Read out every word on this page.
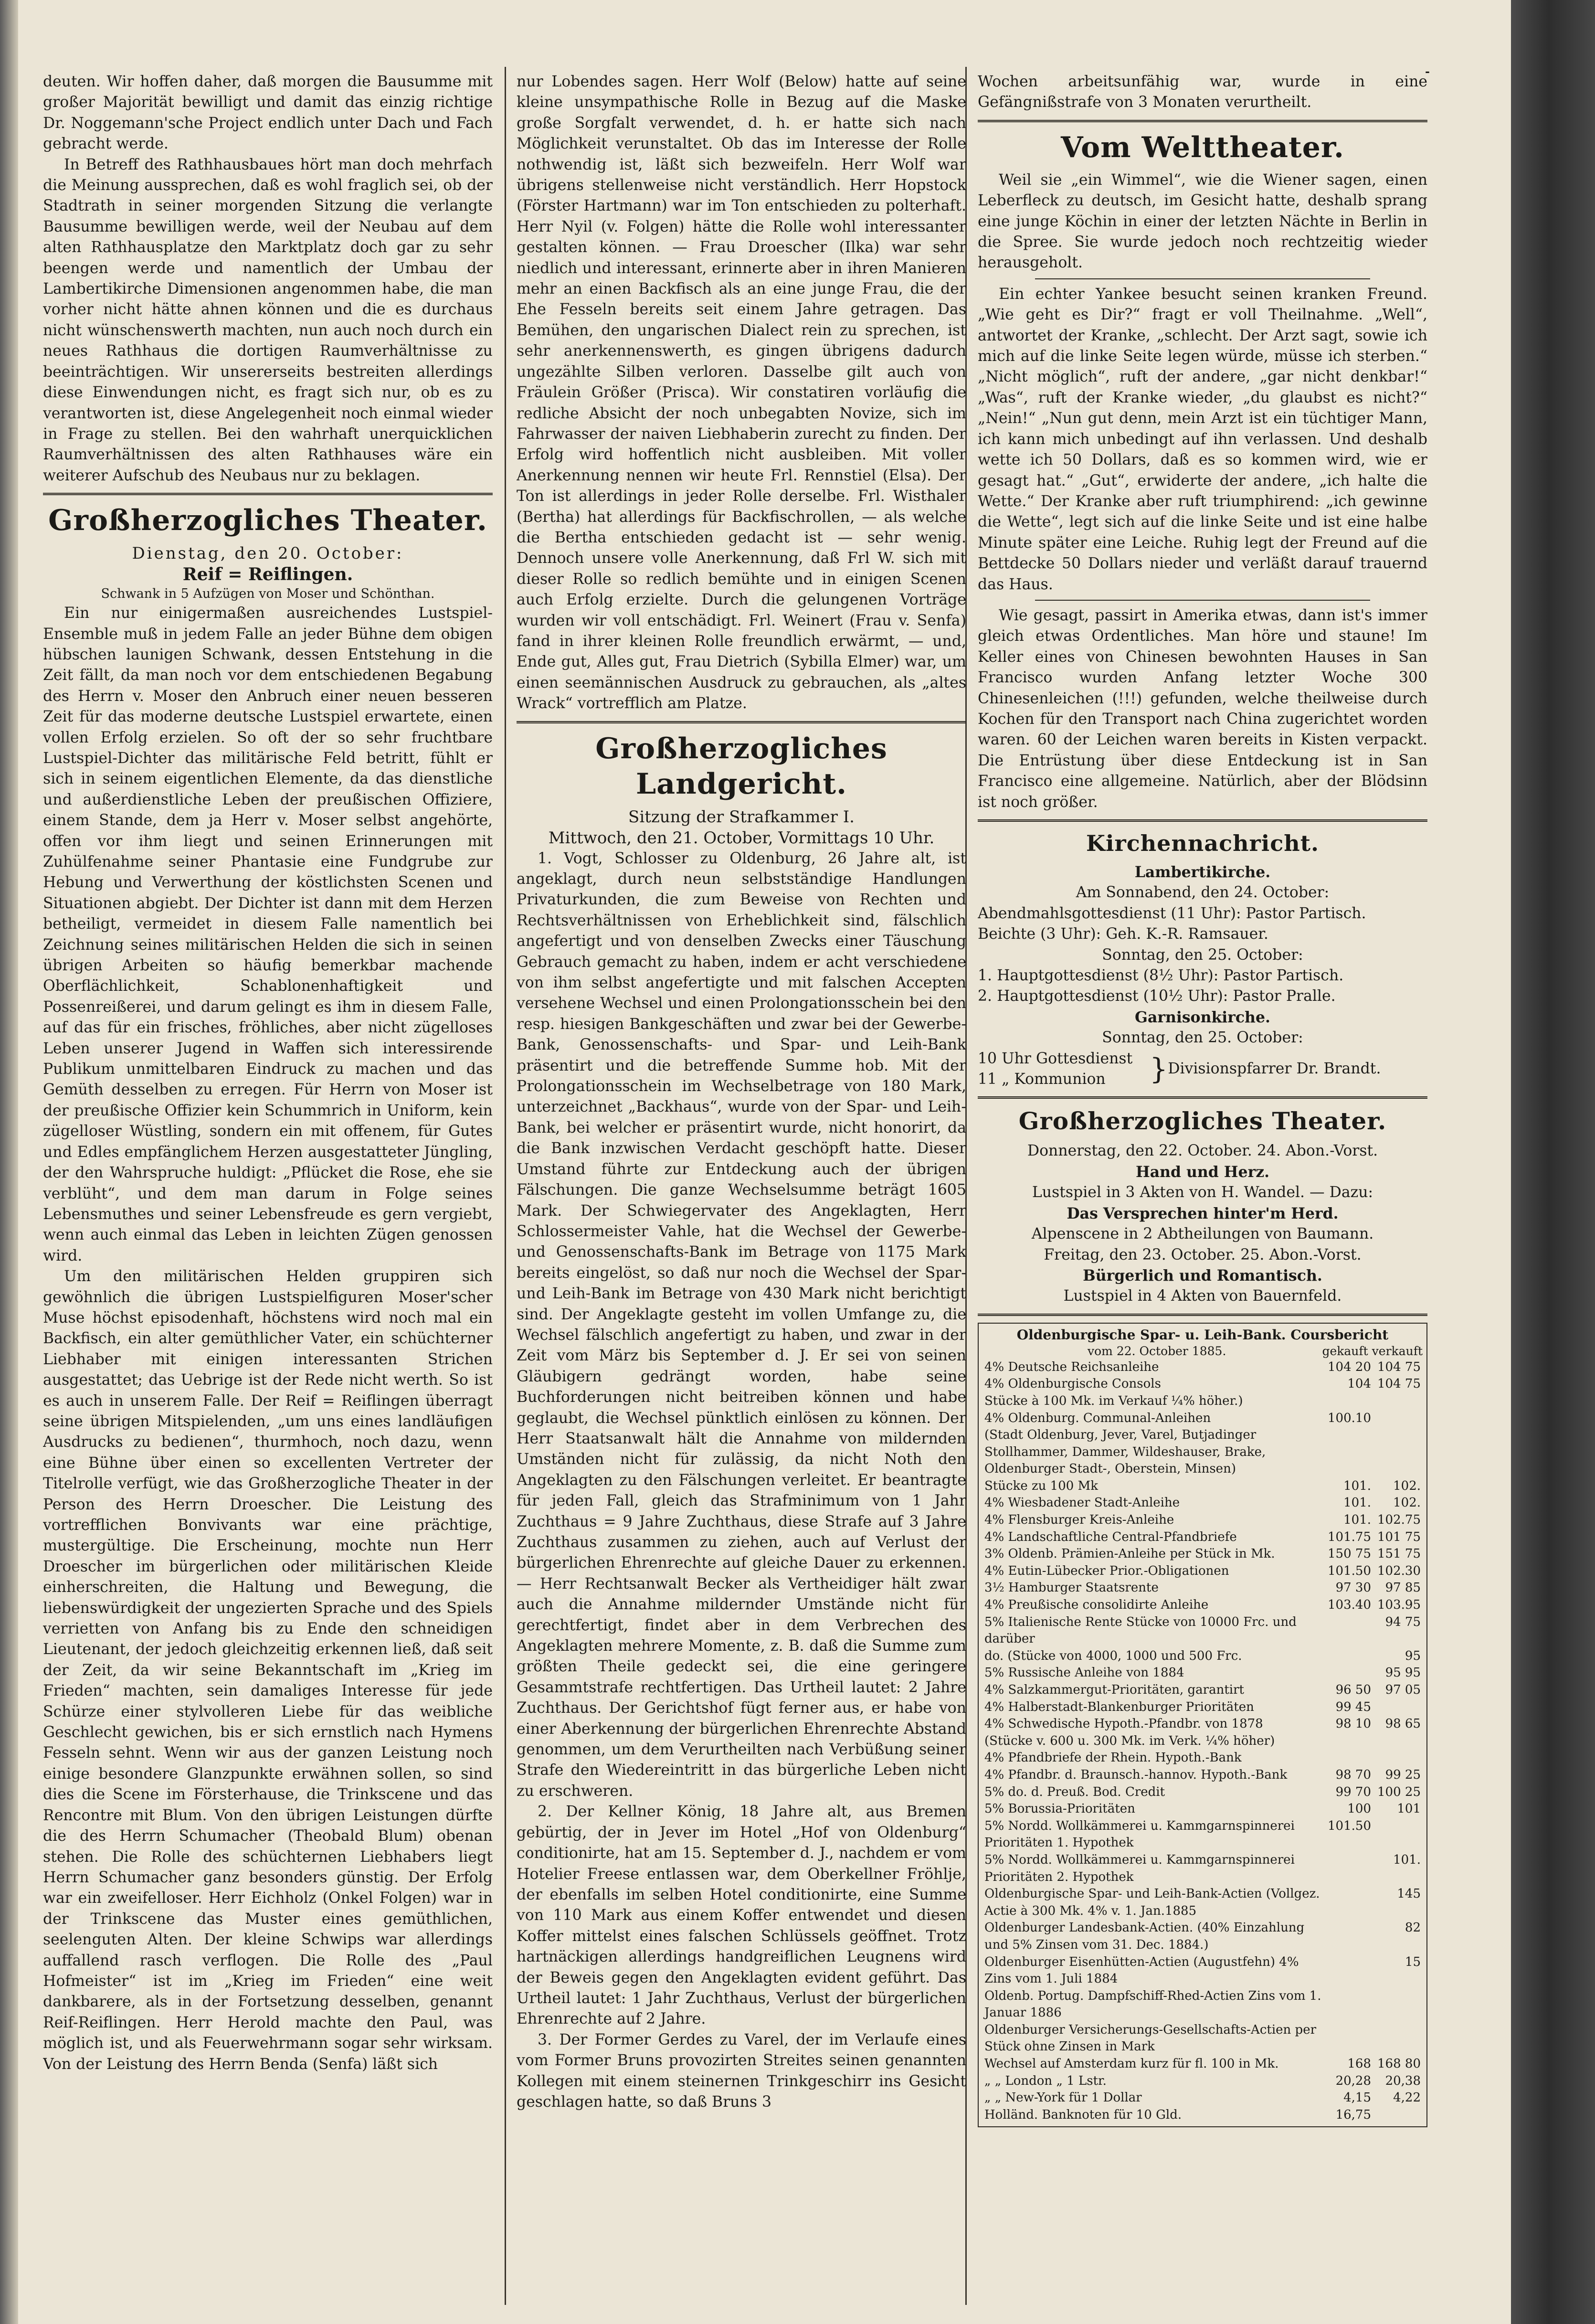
-

deuten. Wir hoffen daher, daß morgen die Bausumme mit großer Majorität bewilligt und damit das einzig richtige Dr. Noggemann'sche Project endlich unter Dach und Fach gebracht werde.

In Betreff des Rathhausbaues hört man doch mehrfach die Meinung aussprechen, daß es wohl fraglich sei, ob der Stadtrath in seiner morgenden Sitzung die verlangte Bausumme bewilligen werde, weil der Neubau auf dem alten Rathhausplatze den Marktplatz doch gar zu sehr beengen werde und namentlich der Umbau der Lambertikirche Dimensionen angenommen habe, die man vorher nicht hätte ahnen können und die es durchaus nicht wünschenswerth machten, nun auch noch durch ein neues Rathhaus die dortigen Raumverhältnisse zu beeinträchtigen. Wir unsererseits bestreiten allerdings diese Einwendungen nicht, es fragt sich nur, ob es zu verantworten ist, diese Angelegenheit noch einmal wieder in Frage zu stellen. Bei den wahrhaft unerquicklichen Raumverhältnissen des alten Rathhauses wäre ein weiterer Aufschub des Neubaus nur zu beklagen.

Großherzogliches Theater.
Dienstag, den 20. October:
Reif = Reiflingen.
Schwank in 5 Aufzügen von Moser und Schönthan.

Ein nur einigermaßen ausreichendes Lustspiel-Ensemble muß in jedem Falle an jeder Bühne dem obigen hübschen launigen Schwank, dessen Entstehung in die Zeit fällt, da man noch vor dem entschiedenen Begabung des Herrn v. Moser den Anbruch einer neuen besseren Zeit für das moderne deutsche Lustspiel erwartete, einen vollen Erfolg erzielen. So oft der so sehr fruchtbare Lustspiel-Dichter das militärische Feld betritt, fühlt er sich in seinem eigentlichen Elemente, da das dienstliche und außerdienstliche Leben der preußischen Offiziere, einem Stande, dem ja Herr v. Moser selbst angehörte, offen vor ihm liegt und seinen Erinnerungen mit Zuhülfenahme seiner Phantasie eine Fundgrube zur Hebung und Verwerthung der köstlichsten Scenen und Situationen abgiebt. Der Dichter ist dann mit dem Herzen betheiligt, vermeidet in diesem Falle namentlich bei Zeichnung seines militärischen Helden die sich in seinen übrigen Arbeiten so häufig bemerkbar machende Oberflächlichkeit, Schablonenhaftigkeit und Possenreißerei, und darum gelingt es ihm in diesem Falle, auf das für ein frisches, fröhliches, aber nicht zügelloses Leben unserer Jugend in Waffen sich interessirende Publikum unmittelbaren Eindruck zu machen und das Gemüth desselben zu erregen. Für Herrn von Moser ist der preußische Offizier kein Schummrich in Uniform, kein zügelloser Wüstling, sondern ein mit offenem, für Gutes und Edles empfänglichem Herzen ausgestatteter Jüngling, der den Wahrspruche huldigt: „Pflücket die Rose, ehe sie verblüht“, und dem man darum in Folge seines Lebensmuthes und seiner Lebensfreude es gern vergiebt, wenn auch einmal das Leben in leichten Zügen genossen wird.

Um den militärischen Helden gruppiren sich gewöhnlich die übrigen Lustspielfiguren Moser'scher Muse höchst episodenhaft, höchstens wird noch mal ein Backfisch, ein alter gemüthlicher Vater, ein schüchterner Liebhaber mit einigen interessanten Strichen ausgestattet; das Uebrige ist der Rede nicht werth. So ist es auch in unserem Falle. Der Reif = Reiflingen überragt seine übrigen Mitspielenden, „um uns eines landläufigen Ausdrucks zu bedienen“, thurmhoch, noch dazu, wenn eine Bühne über einen so excellenten Vertreter der Titelrolle verfügt, wie das Großherzogliche Theater in der Person des Herrn Droescher. Die Leistung des vortrefflichen Bonvivants war eine prächtige, mustergültige. Die Erscheinung, mochte nun Herr Droescher im bürgerlichen oder militärischen Kleide einherschreiten, die Haltung und Bewegung, die liebenswürdigkeit der ungezierten Sprache und des Spiels verrietten von Anfang bis zu Ende den schneidigen Lieutenant, der jedoch gleichzeitig erkennen ließ, daß seit der Zeit, da wir seine Bekanntschaft im „Krieg im Frieden“ machten, sein damaliges Interesse für jede Schürze einer stylvolleren Liebe für das weibliche Geschlecht gewichen, bis er sich ernstlich nach Hymens Fesseln sehnt. Wenn wir aus der ganzen Leistung noch einige besondere Glanzpunkte erwähnen sollen, so sind dies die Scene im Försterhause, die Trinkscene und das Rencontre mit Blum. Von den übrigen Leistungen dürfte die des Herrn Schumacher (Theobald Blum) obenan stehen. Die Rolle des schüchternen Liebhabers liegt Herrn Schumacher ganz besonders günstig. Der Erfolg war ein zweifelloser. Herr Eichholz (Onkel Folgen) war in der Trinkscene das Muster eines gemüthlichen, seelenguten Alten. Der kleine Schwips war allerdings auffallend rasch verflogen. Die Rolle des „Paul Hofmeister“ ist im „Krieg im Frieden“ eine weit dankbarere, als in der Fortsetzung desselben, genannt Reif-Reiflingen. Herr Herold machte den Paul, was möglich ist, und als Feuerwehrmann sogar sehr wirksam. Von der Leistung des Herrn Benda (Senfa) läßt sich

nur Lobendes sagen. Herr Wolf (Below) hatte auf seine kleine unsympathische Rolle in Bezug auf die Maske große Sorgfalt verwendet, d. h. er hatte sich nach Möglichkeit verunstaltet. Ob das im Interesse der Rolle nothwendig ist, läßt sich bezweifeln. Herr Wolf war übrigens stellenweise nicht verständlich. Herr Hopstock (Förster Hartmann) war im Ton entschieden zu polterhaft. Herr Nyil (v. Folgen) hätte die Rolle wohl interessanter gestalten können. — Frau Droescher (Ilka) war sehr niedlich und interessant, erinnerte aber in ihren Manieren mehr an einen Backfisch als an eine junge Frau, die der Ehe Fesseln bereits seit einem Jahre getragen. Das Bemühen, den ungarischen Dialect rein zu sprechen, ist sehr anerkennenswerth, es gingen übrigens dadurch ungezählte Silben verloren. Dasselbe gilt auch von Fräulein Größer (Prisca). Wir constatiren vorläufig die redliche Absicht der noch unbegabten Novize, sich im Fahrwasser der naiven Liebhaberin zurecht zu finden. Der Erfolg wird hoffentlich nicht ausbleiben. Mit voller Anerkennung nennen wir heute Frl. Rennstiel (Elsa). Der Ton ist allerdings in jeder Rolle derselbe. Frl. Wisthaler (Bertha) hat allerdings für Backfischrollen, — als welche die Bertha entschieden gedacht ist — sehr wenig. Dennoch unsere volle Anerkennung, daß Frl W. sich mit dieser Rolle so redlich bemühte und in einigen Scenen auch Erfolg erzielte. Durch die gelungenen Vorträge wurden wir voll entschädigt. Frl. Weinert (Frau v. Senfa) fand in ihrer kleinen Rolle freundlich erwärmt, — und, Ende gut, Alles gut, Frau Dietrich (Sybilla Elmer) war, um einen seemännischen Ausdruck zu gebrauchen, als „altes Wrack“ vortrefflich am Platze.

Großherzogliches Landgericht.
Sitzung der Strafkammer I.
Mittwoch, den 21. October, Vormittags 10 Uhr.

1. Vogt, Schlosser zu Oldenburg, 26 Jahre alt, ist angeklagt, durch neun selbstständige Handlungen Privaturkunden, die zum Beweise von Rechten und Rechtsverhältnissen von Erheblichkeit sind, fälschlich angefertigt und von denselben Zwecks einer Täuschung Gebrauch gemacht zu haben, indem er acht verschiedene von ihm selbst angefertigte und mit falschen Accepten versehene Wechsel und einen Prolongationsschein bei den resp. hiesigen Bankgeschäften und zwar bei der Gewerbe-Bank, Genossenschafts- und Spar- und Leih-Bank präsentirt und die betreffende Summe hob. Mit der Prolongationsschein im Wechselbetrage von 180 Mark, unterzeichnet „Backhaus“, wurde von der Spar- und Leih-Bank, bei welcher er präsentirt wurde, nicht honorirt, da die Bank inzwischen Verdacht geschöpft hatte. Dieser Umstand führte zur Entdeckung auch der übrigen Fälschungen. Die ganze Wechselsumme beträgt 1605 Mark. Der Schwiegervater des Angeklagten, Herr Schlossermeister Vahle, hat die Wechsel der Gewerbe- und Genossenschafts-Bank im Betrage von 1175 Mark bereits eingelöst, so daß nur noch die Wechsel der Spar- und Leih-Bank im Betrage von 430 Mark nicht berichtigt sind. Der Angeklagte gesteht im vollen Umfange zu, die Wechsel fälschlich angefertigt zu haben, und zwar in der Zeit vom März bis September d. J. Er sei von seinen Gläubigern gedrängt worden, habe seine Buchforderungen nicht beitreiben können und habe geglaubt, die Wechsel pünktlich einlösen zu können. Der Herr Staatsanwalt hält die Annahme von mildernden Umständen nicht für zulässig, da nicht Noth den Angeklagten zu den Fälschungen verleitet. Er beantragte für jeden Fall, gleich das Strafminimum von 1 Jahr Zuchthaus = 9 Jahre Zuchthaus, diese Strafe auf 3 Jahre Zuchthaus zusammen zu ziehen, auch auf Verlust der bürgerlichen Ehrenrechte auf gleiche Dauer zu erkennen. — Herr Rechtsanwalt Becker als Vertheidiger hält zwar auch die Annahme mildernder Umstände nicht für gerechtfertigt, findet aber in dem Verbrechen des Angeklagten mehrere Momente, z. B. daß die Summe zum größten Theile gedeckt sei, die eine geringere Gesammtstrafe rechtfertigen. Das Urtheil lautet: 2 Jahre Zuchthaus. Der Gerichtshof fügt ferner aus, er habe von einer Aberkennung der bürgerlichen Ehrenrechte Abstand genommen, um dem Verurtheilten nach Verbüßung seiner Strafe den Wiedereintritt in das bürgerliche Leben nicht zu erschweren.

2. Der Kellner König, 18 Jahre alt, aus Bremen gebürtig, der in Jever im Hotel „Hof von Oldenburg“ conditionirte, hat am 15. September d. J., nachdem er vom Hotelier Freese entlassen war, dem Oberkellner Fröhlje, der ebenfalls im selben Hotel conditionirte, eine Summe von 110 Mark aus einem Koffer entwendet und diesen Koffer mittelst eines falschen Schlüssels geöffnet. Trotz hartnäckigen allerdings handgreiflichen Leugnens wird der Beweis gegen den Angeklagten evident geführt. Das Urtheil lautet: 1 Jahr Zuchthaus, Verlust der bürgerlichen Ehrenrechte auf 2 Jahre.

3. Der Former Gerdes zu Varel, der im Verlaufe eines vom Former Bruns provozirten Streites seinen genannten Kollegen mit einem steinernen Trinkgeschirr ins Gesicht geschlagen hatte, so daß Bruns 3

Wochen arbeitsunfähig war, wurde in eine Gefängnißstrafe von 3 Monaten verurtheilt.

Vom Welttheater.

Weil sie „ein Wimmel“, wie die Wiener sagen, einen Leberfleck zu deutsch, im Gesicht hatte, deshalb sprang eine junge Köchin in einer der letzten Nächte in Berlin in die Spree. Sie wurde jedoch noch rechtzeitig wieder herausgeholt.

Ein echter Yankee besucht seinen kranken Freund. „Wie geht es Dir?“ fragt er voll Theilnahme. „Well“, antwortet der Kranke, „schlecht. Der Arzt sagt, sowie ich mich auf die linke Seite legen würde, müsse ich sterben.“ „Nicht möglich“, ruft der andere, „gar nicht denkbar!“ „Was“, ruft der Kranke wieder, „du glaubst es nicht?“ „Nein!“ „Nun gut denn, mein Arzt ist ein tüchtiger Mann, ich kann mich unbedingt auf ihn verlassen. Und deshalb wette ich 50 Dollars, daß es so kommen wird, wie er gesagt hat.“ „Gut“, erwiderte der andere, „ich halte die Wette.“ Der Kranke aber ruft triumphirend: „ich gewinne die Wette“, legt sich auf die linke Seite und ist eine halbe Minute später eine Leiche. Ruhig legt der Freund auf die Bettdecke 50 Dollars nieder und verläßt darauf trauernd das Haus.

Wie gesagt, passirt in Amerika etwas, dann ist's immer gleich etwas Ordentliches. Man höre und staune! Im Keller eines von Chinesen bewohnten Hauses in San Francisco wurden Anfang letzter Woche 300 Chinesenleichen (!!!) gefunden, welche theilweise durch Kochen für den Transport nach China zugerichtet worden waren. 60 der Leichen waren bereits in Kisten verpackt. Die Entrüstung über diese Entdeckung ist in San Francisco eine allgemeine. Natürlich, aber der Blödsinn ist noch größer.

Kirchennachricht.
Lambertikirche.
Am Sonnabend, den 24. October:
Abendmahlsgottesdienst (11 Uhr): Pastor Partisch.
Beichte (3 Uhr): Geh. K.-R. Ramsauer.
Sonntag, den 25. October:
1. Hauptgottesdienst (8½ Uhr): Pastor Partisch.
2. Hauptgottesdienst (10½ Uhr): Pastor Pralle.
Garnisonkirche.
Sonntag, den 25. October:
10 Uhr Gottesdienst
11 „ Kommunion	} Divisionspfarrer Dr. Brandt.
Großherzogliches Theater.
Donnerstag, den 22. October. 24. Abon.-Vorst.
Hand und Herz.
Lustspiel in 3 Akten von H. Wandel. — Dazu:
Das Versprechen hinter'm Herd.
Alpenscene in 2 Abtheilungen von Baumann.
Freitag, den 23. October. 25. Abon.-Vorst.
Bürgerlich und Romantisch.
Lustspiel in 4 Akten von Bauernfeld.
Oldenburgische Spar- u. Leih-Bank. Coursbericht
vom 22. October 1885.	gekauft verkauft
4% Deutsche Reichsanleihe	104 20	104 75
4% Oldenburgische Consols	104	104 75
Stücke à 100 Mk. im Verkauf ¼% höher.)		
4% Oldenburg. Communal-Anleihen	100.10	
(Stadt Oldenburg, Jever, Varel, Butjadinger Stollhammer, Dammer, Wildeshauser, Brake, Oldenburger Stadt-, Oberstein, Minsen)		
Stücke zu 100 Mk	101.	102.
4% Wiesbadener Stadt-Anleihe	101.	102.
4% Flensburger Kreis-Anleihe	101.	102.75
4% Landschaftliche Central-Pfandbriefe	101.75	101 75
3% Oldenb. Prämien-Anleihe per Stück in Mk.	150 75	151 75
4% Eutin-Lübecker Prior.-Obligationen	101.50	102.30
3½ Hamburger Staatsrente	97 30	97 85
4% Preußische consolidirte Anleihe	103.40	103.95
5% Italienische Rente Stücke von 10000 Frc. und darüber		94 75
do. (Stücke von 4000, 1000 und 500 Frc.		95
5% Russische Anleihe von 1884		95 95
4% Salzkammergut-Prioritäten, garantirt	96 50	97 05
4% Halberstadt-Blankenburger Prioritäten	99 45	
4% Schwedische Hypoth.-Pfandbr. von 1878	98 10	98 65
(Stücke v. 600 u. 300 Mk. im Verk. ¼% höher)		
4% Pfandbriefe der Rhein. Hypoth.-Bank		
4% Pfandbr. d. Braunsch.-hannov. Hypoth.-Bank	98 70	99 25
5% do. d. Preuß. Bod. Credit	99 70	100 25
5% Borussia-Prioritäten	100	101
5% Nordd. Wollkämmerei u. Kammgarnspinnerei Prioritäten 1. Hypothek	101.50	
5% Nordd. Wollkämmerei u. Kammgarnspinnerei Prioritäten 2. Hypothek		101.
Oldenburgische Spar- und Leih-Bank-Actien (Vollgez. Actie à 300 Mk. 4% v. 1. Jan.1885		145
Oldenburger Landesbank-Actien. (40% Einzahlung und 5% Zinsen vom 31. Dec. 1884.)		82
Oldenburger Eisenhütten-Actien (Augustfehn) 4% Zins vom 1. Juli 1884		15
Oldenb. Portug. Dampfschiff-Rhed-Actien Zins vom 1. Januar 1886		
Oldenburger Versicherungs-Gesellschafts-Actien per Stück ohne Zinsen in Mark		
Wechsel auf Amsterdam kurz für fl. 100 in Mk.	168	168 80
„ „ London „ 1 Lstr.	20,28	20,38
„ „ New-York für 1 Dollar	4,15	4,22
Holländ. Banknoten für 10 Gld.	16,75	
